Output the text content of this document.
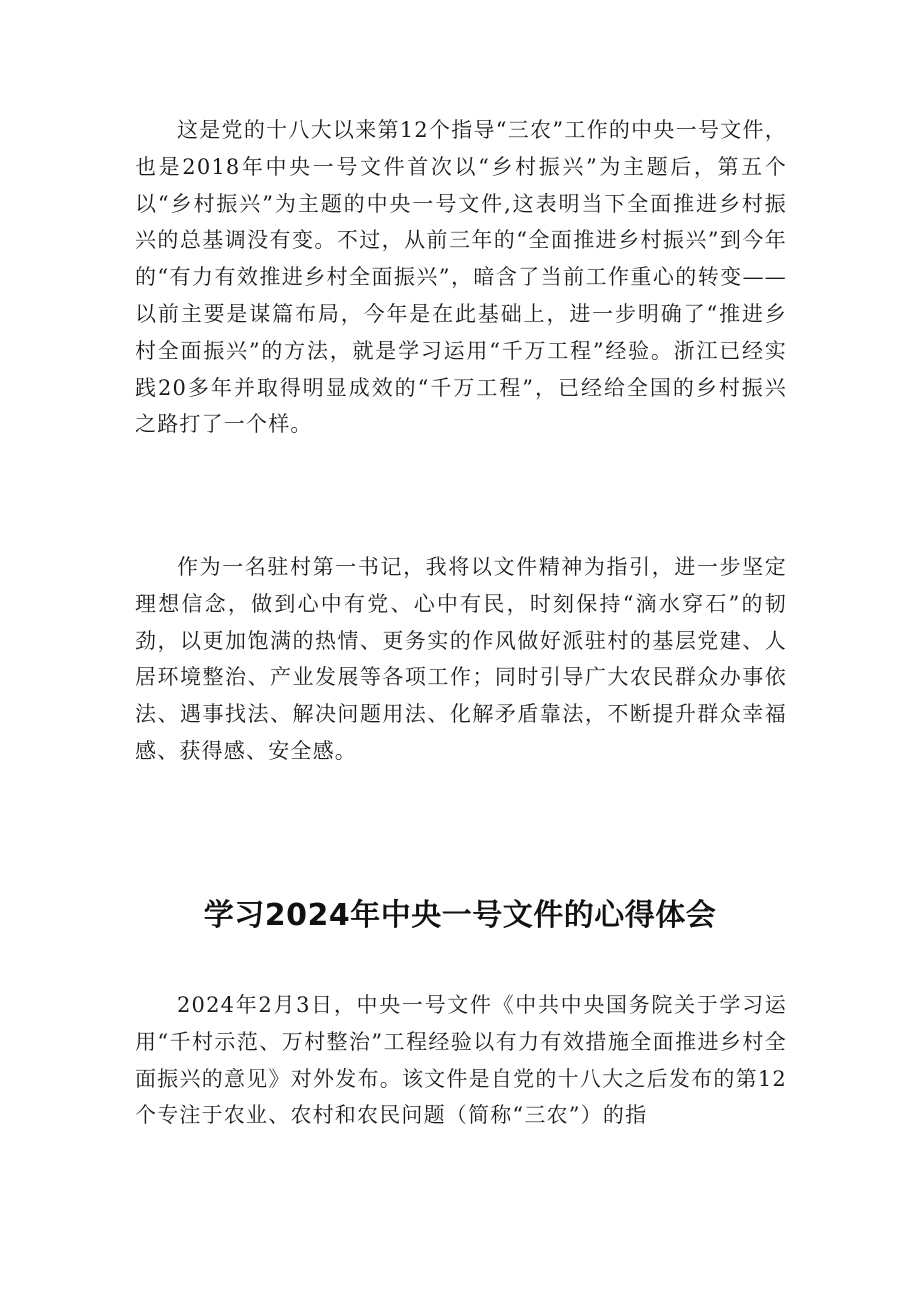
这是党的十八大以来第12个指导“三农”工作的中央一号文件，也是2018年中央一号文件首次以“乡村振兴”为主题后，第五个以“乡村振兴”为主题的中央一号文件,这表明当下全面推进乡村振兴的总基调没有变。不过，从前三年的“全面推进乡村振兴”到今年的“有力有效推进乡村全面振兴”，暗含了当前工作重心的转变——以前主要是谋篇布局，今年是在此基础上，进一步明确了“推进乡村全面振兴”的方法，就是学习运用“千万工程”经验。浙江已经实践20多年并取得明显成效的“千万工程”，已经给全国的乡村振兴之路打了一个样。

作为一名驻村第一书记，我将以文件精神为指引，进一步坚定理想信念，做到心中有党、心中有民，时刻保持“滴水穿石”的韧劲，以更加饱满的热情、更务实的作风做好派驻村的基层党建、人居环境整治、产业发展等各项工作；同时引导广大农民群众办事依法、遇事找法、解决问题用法、化解矛盾靠法，不断提升群众幸福感、获得感、安全感。

学习2024年中央一号文件的心得体会

2024年2月3日，中央一号文件《中共中央国务院关于学习运用“千村示范、万村整治”工程经验以有力有效措施全面推进乡村全面振兴的意见》对外发布。该文件是自党的十八大之后发布的第12个专注于农业、农村和农民问题（简称“三农”）的指
